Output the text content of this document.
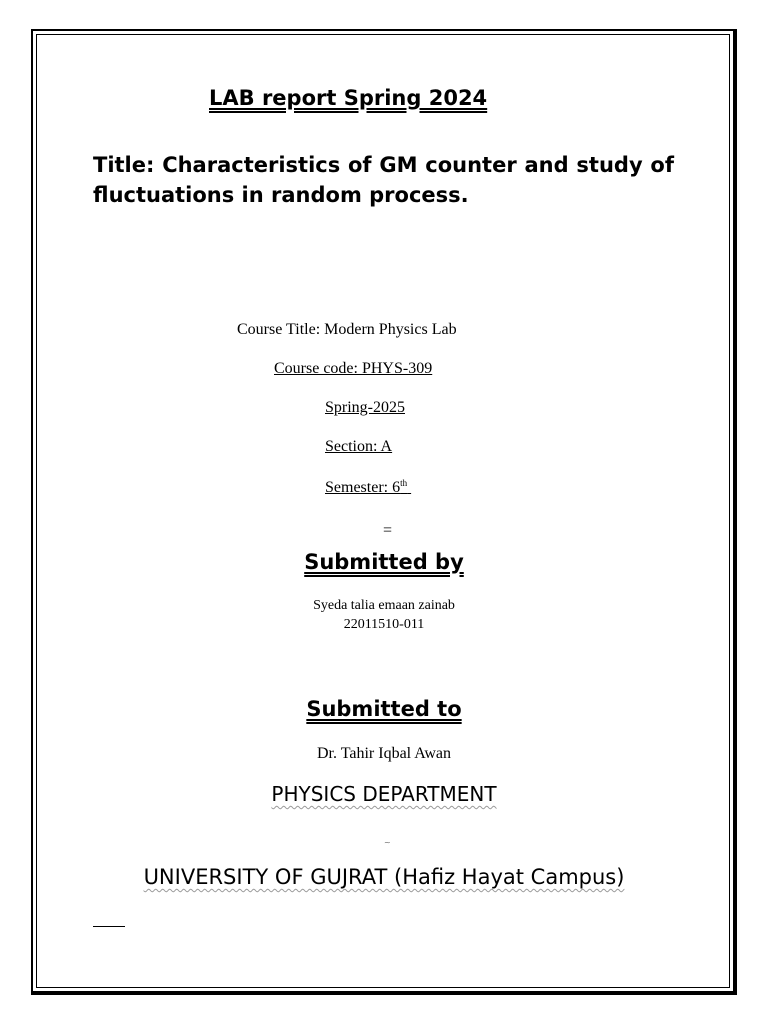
LAB report Spring 2024
Title: Characteristics of GM counter and study of fluctuations in random process.
Course Title: Modern Physics Lab
Course code: PHYS-309
Spring-2025
Section: A
Semester: 6th
=
Submitted by
Syeda talia emaan zainab
22011510-011
Submitted to
Dr. Tahir Iqbal Awan
PHYSICS DEPARTMENT
~
UNIVERSITY OF GUJRAT (Hafiz Hayat Campus)
